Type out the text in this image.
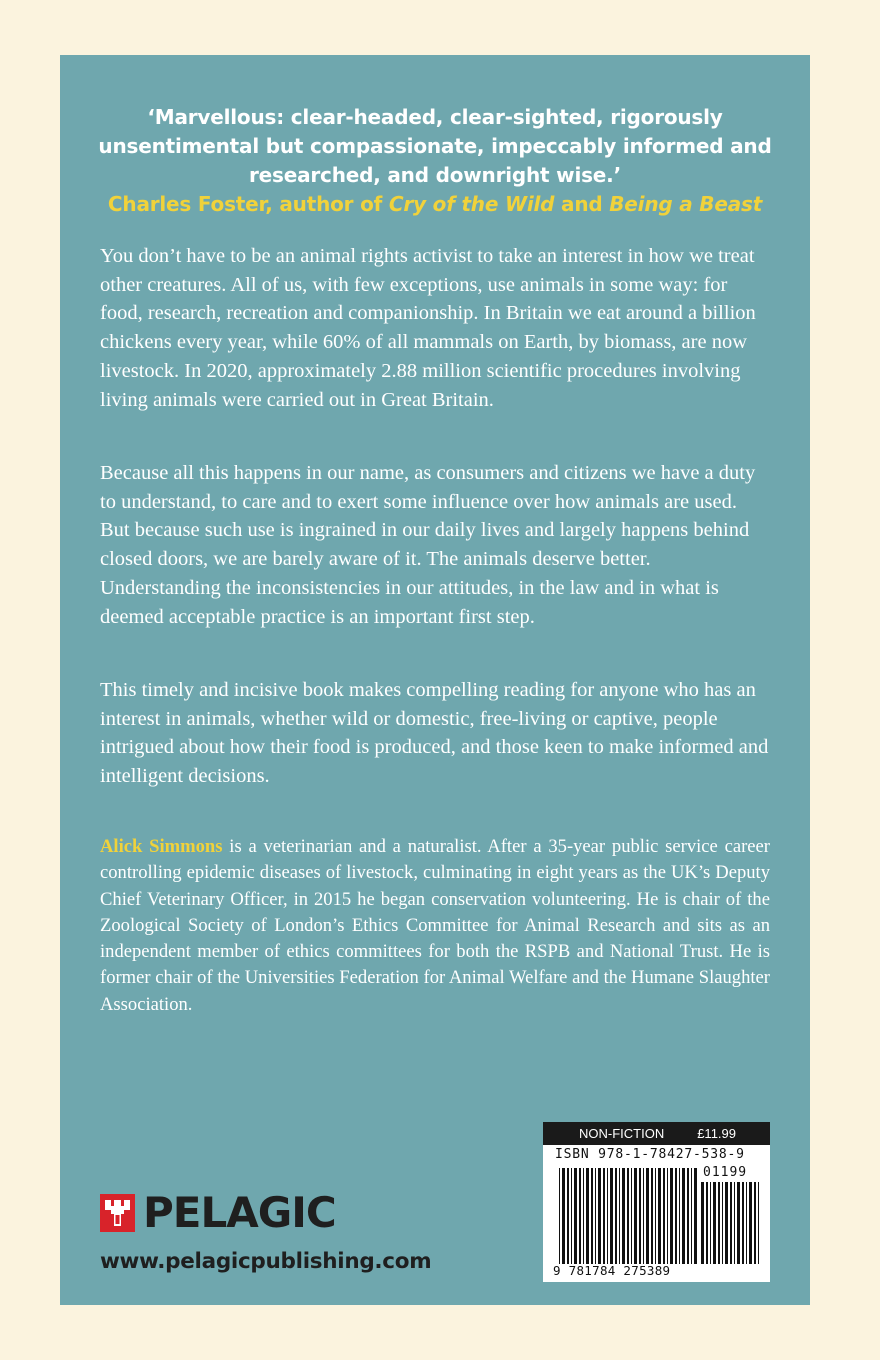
‘Marvellous: clear-headed, clear-sighted, rigorously
unsentimental but compassionate, impeccably informed and
researched, and downright wise.’
Charles Foster, author of Cry of the Wild and Being a Beast

You don’t have to be an animal rights activist to take an interest in how we treat other creatures. All of us, with few exceptions, use animals in some way: for food, research, recreation and companionship. In Britain we eat around a billion chickens every year, while 60% of all mammals on Earth, by biomass, are now livestock. In 2020, approximately 2.88 million scientific procedures involving living animals were carried out in Great Britain.

Because all this happens in our name, as consumers and citizens we have a duty to understand, to care and to exert some influence over how animals are used. But because such use is ingrained in our daily lives and largely happens behind closed doors, we are barely aware of it. The animals deserve better. Understanding the inconsistencies in our attitudes, in the law and in what is deemed acceptable practice is an important first step.

This timely and incisive book makes compelling reading for anyone who has an interest in animals, whether wild or domestic, free-living or captive, people intrigued about how their food is produced, and those keen to make informed and intelligent decisions.

Alick Simmons is a veterinarian and a naturalist. After a 35-year public service career controlling epidemic diseases of livestock, culminating in eight years as the UK’s Deputy Chief Veterinary Officer, in 2015 he began conservation volunteering. He is chair of the Zoological Society of London’s Ethics Committee for Animal Research and sits as an independent member of ethics committees for both the RSPB and National Trust. He is former chair of the Universities Federation for Animal Welfare and the Humane Slaughter Association.

PELAGIC
www.pelagicpublishing.com
NON-FICTION	£11.99
ISBN 978-1-78427-538-9
01199
9 781784 275389
